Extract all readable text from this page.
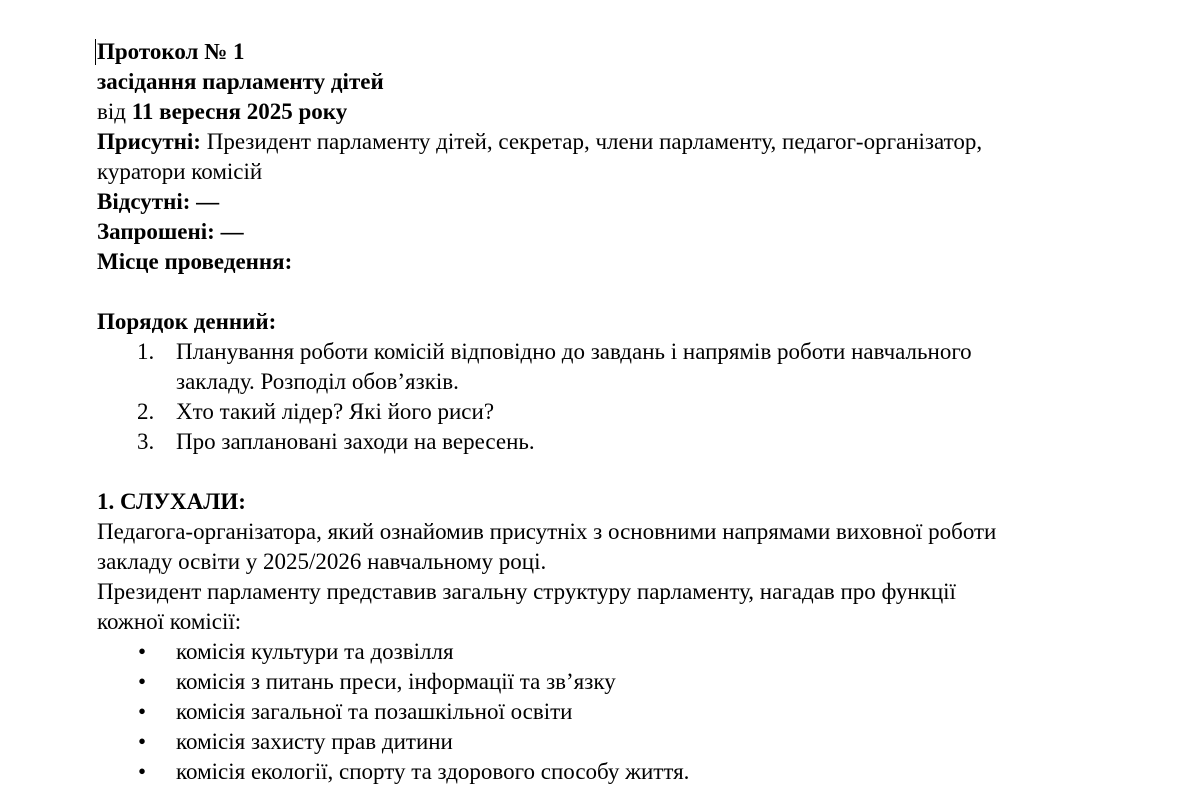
Протокол № 1

засідання парламенту дітей

від 11 вересня 2025 року

Присутні: Президент парламенту дітей, секретар, члени парламенту, педагог-організатор,

куратори комісій

Відсутні: —

Запрошені: —

Місце проведення:

Порядок денний:

1. Планування роботи комісій відповідно до завдань і напрямів роботи навчального
закладу. Розподіл обов’язків.
2. Хто такий лідер? Які його риси?
3. Про заплановані заходи на вересень.

1. СЛУХАЛИ:

Педагога-організатора, який ознайомив присутніх з основними напрямами виховної роботи

закладу освіти у 2025/2026 навчальному році.

Президент парламенту представив загальну структуру парламенту, нагадав про функції

кожної комісії:

• комісія культури та дозвілля
• комісія з питань преси, інформації та зв’язку
• комісія загальної та позашкільної освіти
• комісія захисту прав дитини
• комісія екології, спорту та здорового способу життя.
